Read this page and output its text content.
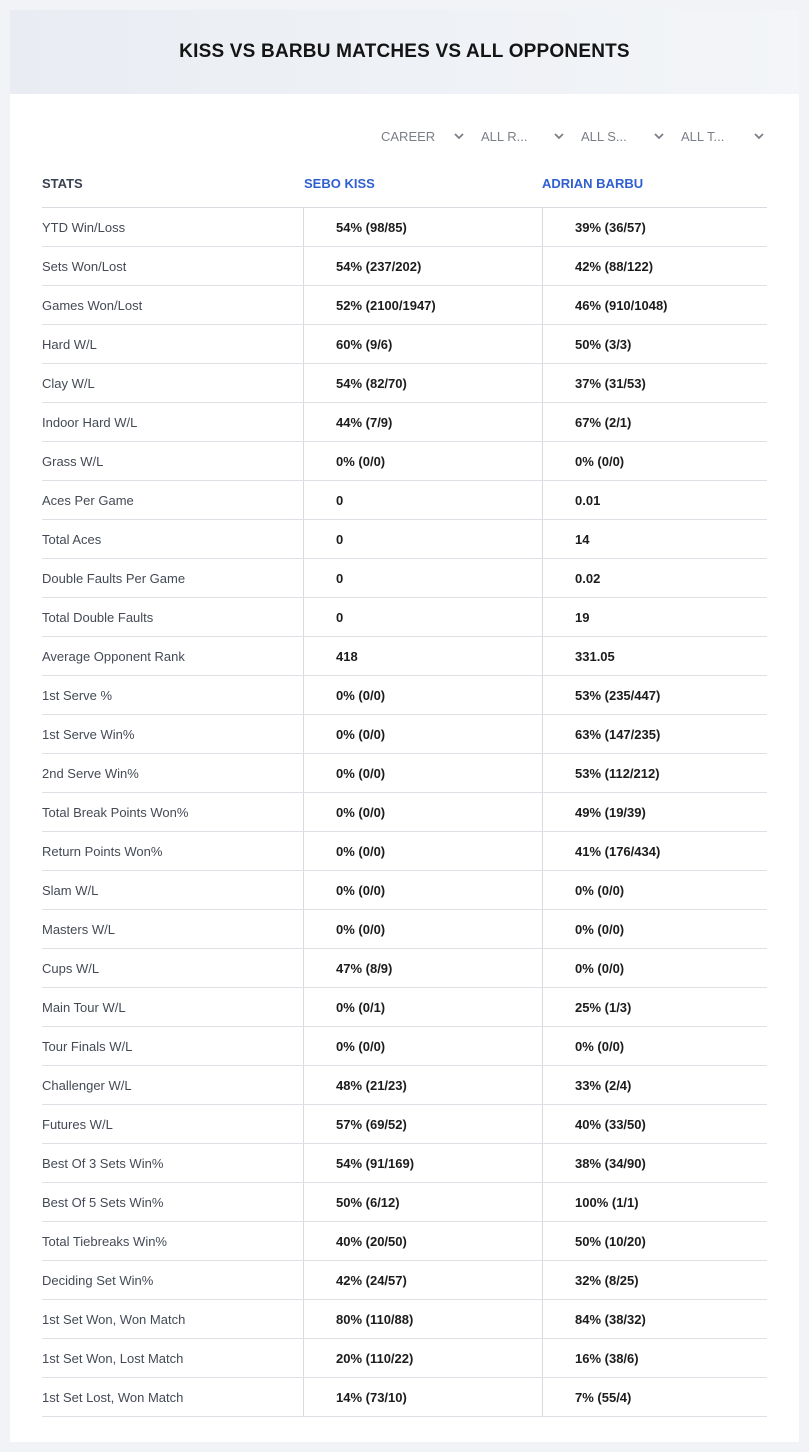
KISS VS BARBU MATCHES VS ALL OPPONENTS
CAREER	ALL R...	ALL S...	ALL T...
STATS	SEBO KISS	ADRIAN BARBU
YTD Win/Loss	54% (98/85)	39% (36/57)
Sets Won/Lost	54% (237/202)	42% (88/122)
Games Won/Lost	52% (2100/1947)	46% (910/1048)
Hard W/L	60% (9/6)	50% (3/3)
Clay W/L	54% (82/70)	37% (31/53)
Indoor Hard W/L	44% (7/9)	67% (2/1)
Grass W/L	0% (0/0)	0% (0/0)
Aces Per Game	0	0.01
Total Aces	0	14
Double Faults Per Game	0	0.02
Total Double Faults	0	19
Average Opponent Rank	418	331.05
1st Serve %	0% (0/0)	53% (235/447)
1st Serve Win%	0% (0/0)	63% (147/235)
2nd Serve Win%	0% (0/0)	53% (112/212)
Total Break Points Won%	0% (0/0)	49% (19/39)
Return Points Won%	0% (0/0)	41% (176/434)
Slam W/L	0% (0/0)	0% (0/0)
Masters W/L	0% (0/0)	0% (0/0)
Cups W/L	47% (8/9)	0% (0/0)
Main Tour W/L	0% (0/1)	25% (1/3)
Tour Finals W/L	0% (0/0)	0% (0/0)
Challenger W/L	48% (21/23)	33% (2/4)
Futures W/L	57% (69/52)	40% (33/50)
Best Of 3 Sets Win%	54% (91/169)	38% (34/90)
Best Of 5 Sets Win%	50% (6/12)	100% (1/1)
Total Tiebreaks Win%	40% (20/50)	50% (10/20)
Deciding Set Win%	42% (24/57)	32% (8/25)
1st Set Won, Won Match	80% (110/88)	84% (38/32)
1st Set Won, Lost Match	20% (110/22)	16% (38/6)
1st Set Lost, Won Match	14% (73/10)	7% (55/4)
